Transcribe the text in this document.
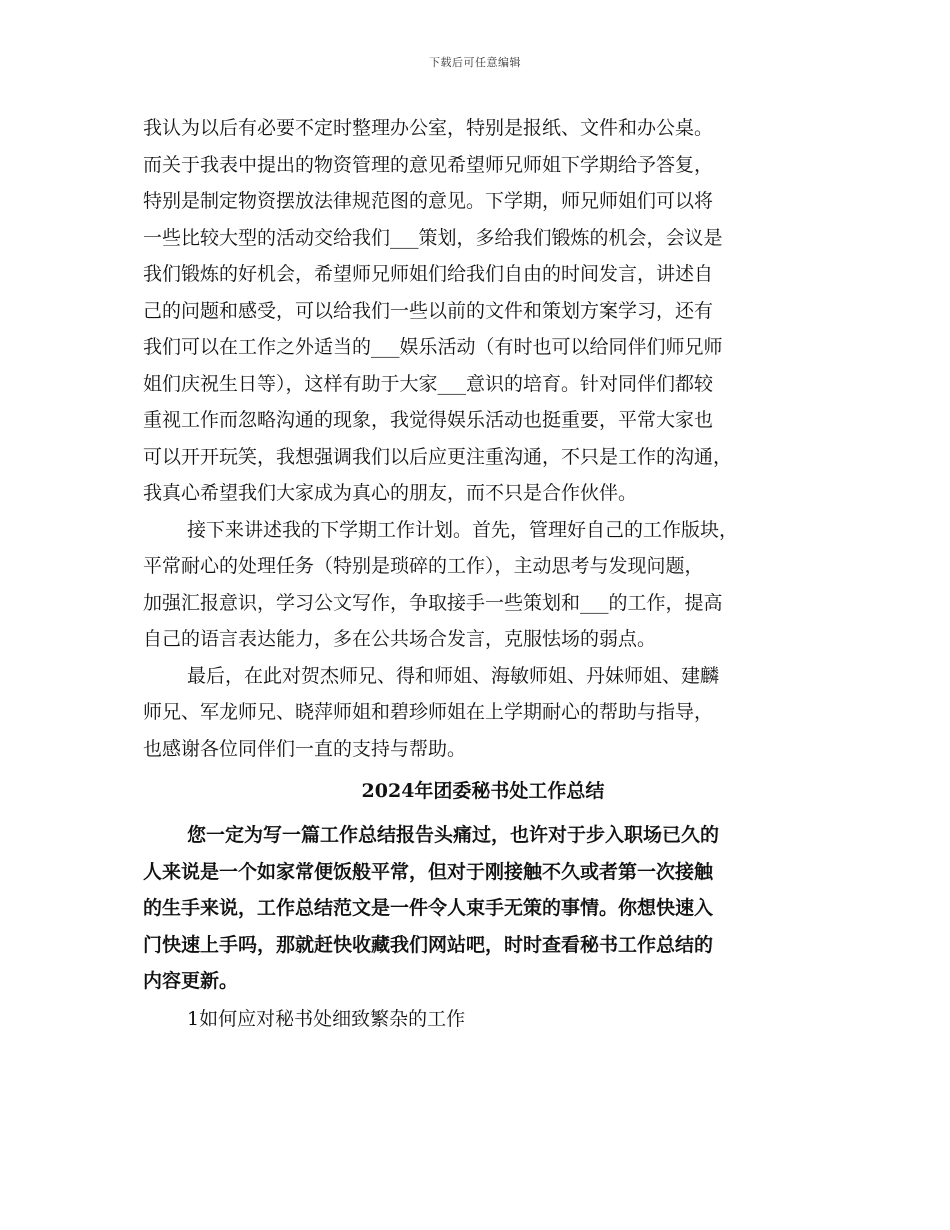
下载后可任意编辑

我认为以后有必要不定时整理办公室，特别是报纸、文件和办公桌。
而关于我表中提出的物资管理的意见希望师兄师姐下学期给予答复，
特别是制定物资摆放法律规范图的意见。下学期，师兄师姐们可以将
一些比较大型的活动交给我们___策划，多给我们锻炼的机会，会议是
我们锻炼的好机会，希望师兄师姐们给我们自由的时间发言，讲述自
己的问题和感受，可以给我们一些以前的文件和策划方案学习，还有
我们可以在工作之外适当的___娱乐活动（有时也可以给同伴们师兄师
姐们庆祝生日等），这样有助于大家___意识的培育。针对同伴们都较
重视工作而忽略沟通的现象，我觉得娱乐活动也挺重要，平常大家也
可以开开玩笑，我想强调我们以后应更注重沟通，不只是工作的沟通，
我真心希望我们大家成为真心的朋友，而不只是合作伙伴。

接下来讲述我的下学期工作计划。首先，管理好自己的工作版块，
平常耐心的处理任务（特别是琐碎的工作），主动思考与发现问题，
加强汇报意识，学习公文写作，争取接手一些策划和___的工作，提高
自己的语言表达能力，多在公共场合发言，克服怯场的弱点。

最后，在此对贺杰师兄、得和师姐、海敏师姐、丹妹师姐、建麟
师兄、军龙师兄、晓萍师姐和碧珍师姐在上学期耐心的帮助与指导，
也感谢各位同伴们一直的支持与帮助。

2024年团委秘书处工作总结

您一定为写一篇工作总结报告头痛过，也许对于步入职场已久的
人来说是一个如家常便饭般平常，但对于刚接触不久或者第一次接触
的生手来说，工作总结范文是一件令人束手无策的事情。你想快速入
门快速上手吗，那就赶快收藏我们网站吧，时时查看秘书工作总结的
内容更新。

1如何应对秘书处细致繁杂的工作
